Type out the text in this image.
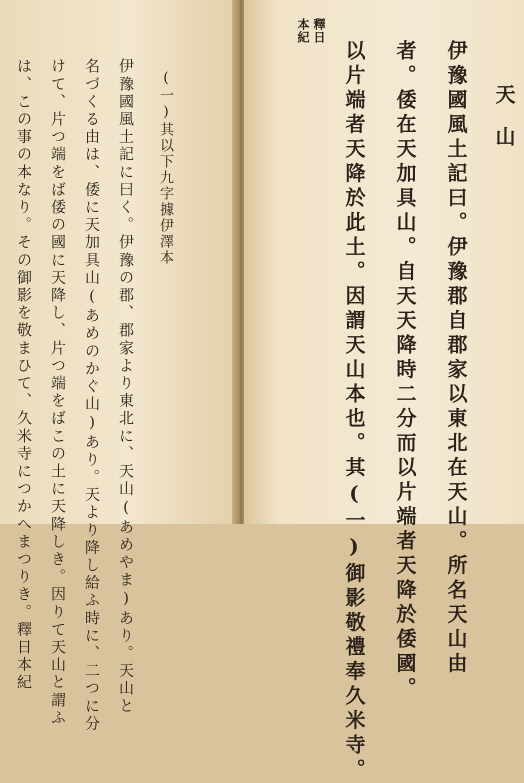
天山
釋日
本紀
伊豫國風土記曰。伊豫郡自郡家以東北在天山。所名天山由
者。倭在天加具山。自天天降時二分而以片端者天降於倭國。
以片端者天降於此土。因謂天山本也。其(一)御影敬禮奉久米寺。
(一)其以下九字據伊澤本
伊豫國風土記に曰く。伊豫の郡、郡家より東北に、天山(あめやま)あり。天山と
名づくる由は、倭に天加具山(あめのかぐ山)あり。天より降し給ふ時に、二つに分
けて、片つ端をば倭の國に天降し、片つ端をばこの土に天降しき。因りて天山と謂ふ
は、この事の本なり。その御影を敬まひて、久米寺につかへまつりき。釋日本紀
